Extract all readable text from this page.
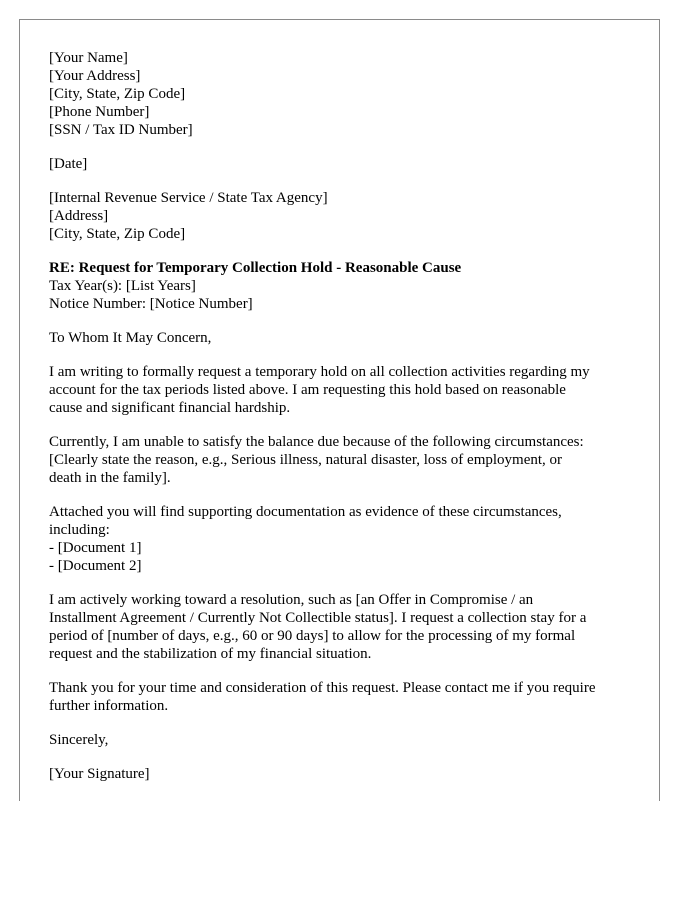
[Your Name]
[Your Address]
[City, State, Zip Code]
[Phone Number]
[SSN / Tax ID Number]
[Date]
[Internal Revenue Service / State Tax Agency]
[Address]
[City, State, Zip Code]
RE: Request for Temporary Collection Hold - Reasonable Cause
Tax Year(s): [List Years]
Notice Number: [Notice Number]
To Whom It May Concern,
I am writing to formally request a temporary hold on all collection activities regarding my
account for the tax periods listed above. I am requesting this hold based on reasonable
cause and significant financial hardship.
Currently, I am unable to satisfy the balance due because of the following circumstances:
[Clearly state the reason, e.g., Serious illness, natural disaster, loss of employment, or
death in the family].
Attached you will find supporting documentation as evidence of these circumstances,
including:
- [Document 1]
- [Document 2]
I am actively working toward a resolution, such as [an Offer in Compromise / an
Installment Agreement / Currently Not Collectible status]. I request a collection stay for a
period of [number of days, e.g., 60 or 90 days] to allow for the processing of my formal
request and the stabilization of my financial situation.
Thank you for your time and consideration of this request. Please contact me if you require
further information.
Sincerely,
[Your Signature]
